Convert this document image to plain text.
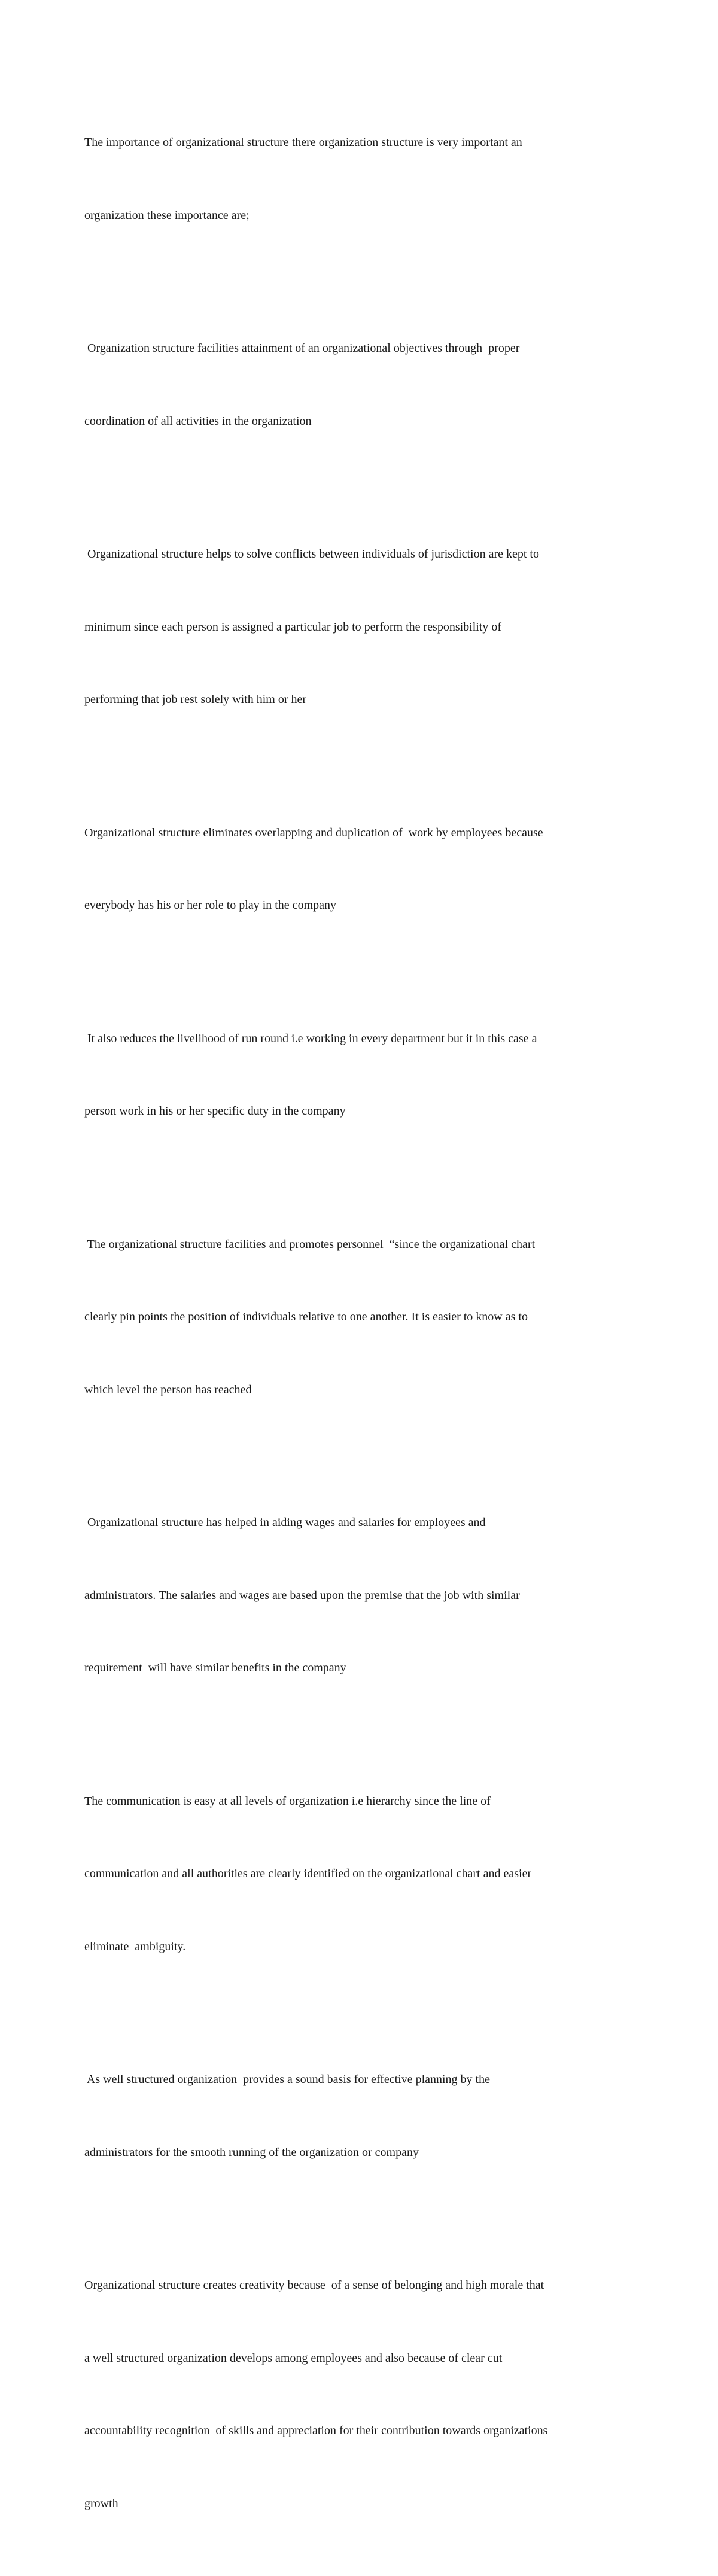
The importance of organizational structure there organization structure is very important an

organization these importance are;

Organization structure facilities attainment of an organizational objectives through  proper

coordination of all activities in the organization

Organizational structure helps to solve conflicts between individuals of jurisdiction are kept to

minimum since each person is assigned a particular job to perform the responsibility of

performing that job rest solely with him or her

Organizational structure eliminates overlapping and duplication of  work by employees because

everybody has his or her role to play in the company

It also reduces the livelihood of run round i.e working in every department but it in this case a

person work in his or her specific duty in the company

The organizational structure facilities and promotes personnel  “since the organizational chart

clearly pin points the position of individuals relative to one another. It is easier to know as to

which level the person has reached

Organizational structure has helped in aiding wages and salaries for employees and

administrators. The salaries and wages are based upon the premise that the job with similar

requirement  will have similar benefits in the company

The communication is easy at all levels of organization i.e hierarchy since the line of

communication and all authorities are clearly identified on the organizational chart and easier

eliminate  ambiguity.

As well structured organization  provides a sound basis for effective planning by the

administrators for the smooth running of the organization or company

Organizational structure creates creativity because  of a sense of belonging and high morale that

a well structured organization develops among employees and also because of clear cut

accountability recognition  of skills and appreciation for their contribution towards organizations

growth
